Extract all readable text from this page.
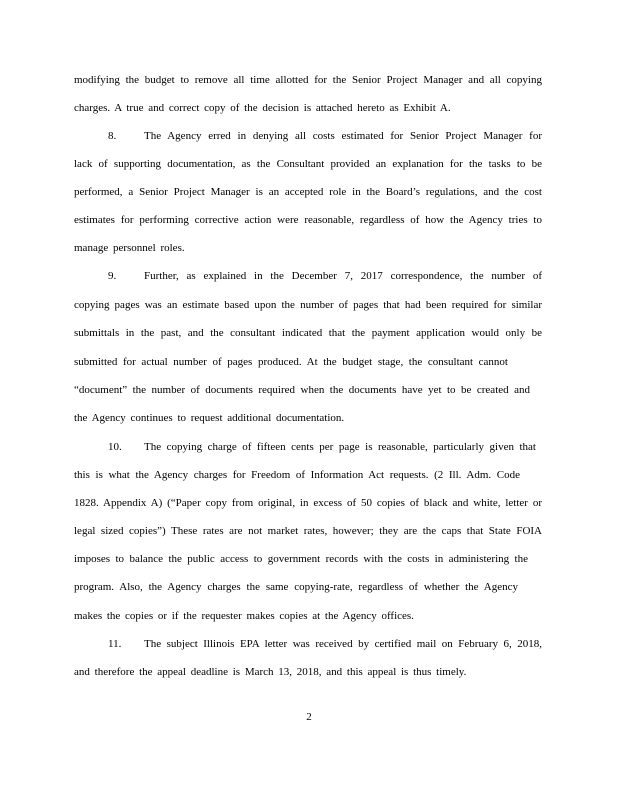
modifying the budget to remove all time allotted for the Senior Project Manager and all copying
charges. A true and correct copy of the decision is attached hereto as Exhibit A.
8.	The Agency erred in denying all costs estimated for Senior Project Manager for
lack of supporting documentation, as the Consultant provided an explanation for the tasks to be
performed, a Senior Project Manager is an accepted role in the Board’s regulations, and the cost
estimates for performing corrective action were reasonable, regardless of how the Agency tries to
manage personnel roles.
9.	Further, as explained in the December 7, 2017 correspondence, the number of
copying pages was an estimate based upon the number of pages that had been required for similar
submittals in the past, and the consultant indicated that the payment application would only be
submitted for actual number of pages produced. At the budget stage, the consultant cannot
“document” the number of documents required when the documents have yet to be created and
the Agency continues to request additional documentation.
10. The copying charge of fifteen cents per page is reasonable, particularly given that
this is what the Agency charges for Freedom of Information Act requests. (2 Ill. Adm. Code
1828. Appendix A) (“Paper copy from original, in excess of 50 copies of black and white, letter or
legal sized copies”) These rates are not market rates, however; they are the caps that State FOIA
imposes to balance the public access to government records with the costs in administering the
program. Also, the Agency charges the same copying-rate, regardless of whether the Agency
makes the copies or if the requester makes copies at the Agency offices.
11. The subject Illinois EPA letter was received by certified mail on February 6, 2018,
and therefore the appeal deadline is March 13, 2018, and this appeal is thus timely.
2
